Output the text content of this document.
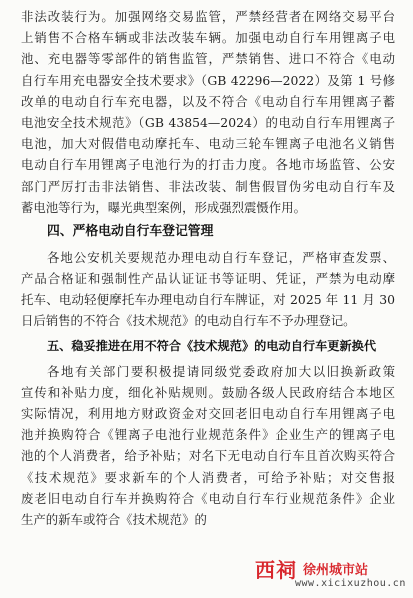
非法改装行为。加强网络交易监管，严禁经营者在网络交易平台
上销售不合格车辆或非法改装车辆。加强电动自行车用锂离子电
池、充电器等零部件的销售监管，严禁销售、进口不符合《电动
自行车用充电器安全技术要求》（GB 42296—2022）及第 1 号修
改单的电动自行车充电器，以及不符合《电动自行车用锂离子蓄
电池安全技术规范》（GB 43854—2024）的电动自行车用锂离子
电池，加大对假借电动摩托车、电动三轮车锂离子电池名义销售
电动自行车用锂离子电池行为的打击力度。各地市场监管、公安
部门严厉打击非法销售、非法改装、制售假冒伪劣电动自行车及
蓄电池等行为，曝光典型案例，形成强烈震慑作用。
四、严格电动自行车登记管理
各地公安机关要规范办理电动自行车登记，严格审查发票、
产品合格证和强制性产品认证证书等证明、凭证，严禁为电动摩
托车、电动轻便摩托车办理电动自行车牌证，对 2025 年 11 月 30
日后销售的不符合《技术规范》的电动自行车不予办理登记。
五、稳妥推进在用不符合《技术规范》的电动自行车更新换代
各地有关部门要积极提请同级党委政府加大以旧换新政策
宣传和补贴力度，细化补贴规则。鼓励各级人民政府结合本地区
实际情况，利用地方财政资金对交回老旧电动自行车用锂离子电
池并换购符合《锂离子电池行业规范条件》企业生产的锂离子电
池的个人消费者，给予补贴；对名下无电动自行车且首次购买符合
《技术规范》要求新车的个人消费者，可给予补贴；对交售报
废老旧电动自行车并换购符合《电动自行车行业规范条件》企业
生产的新车或符合《技术规范》的
西祠 徐州城市站
www.xicixuzhou.cn
